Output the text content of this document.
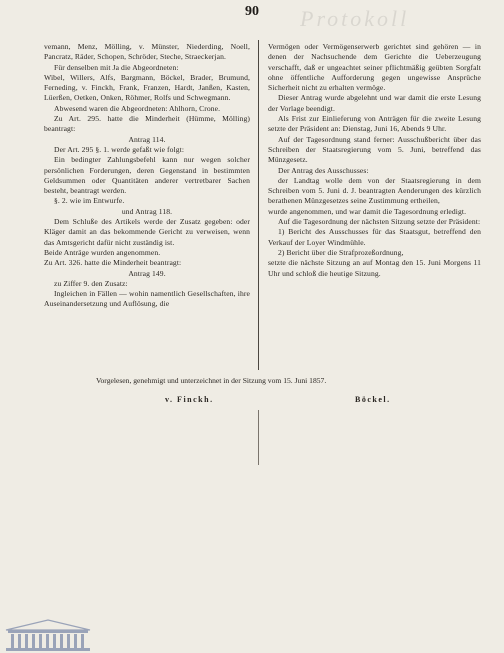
Protokoll
90

vemann, Menz, Mölling, v. Münster, Niederding, Noell, Pancratz, Räder, Schopen, Schröder, Steche, Straeckerjan.

Für denselben mit Ja die Abgeordneten:

Wibel, Willers, Alfs, Bargmann, Böckel, Brader, Brumund, Ferneding, v. Finckh, Frank, Franzen, Hardt, Janßen, Kasten, Lüerßen, Oetken, Onken, Röhmer, Rolfs und Schwegmann.

Abwesend waren die Abgeordneten: Ahlhorn, Crone.

Zu Art. 295. hatte die Minderheit (Hümme, Mölling) beantragt:

Antrag 114.

Der Art. 295 §. 1. werde gefaßt wie folgt:

Ein bedingter Zahlungsbefehl kann nur wegen solcher persönlichen Forderungen, deren Gegenstand in bestimmten Geldsummen oder Quantitäten anderer vertretbarer Sachen besteht, beantragt werden.

§. 2. wie im Entwurfe.

und Antrag 118.

Dem Schluße des Artikels werde der Zusatz gegeben: oder Kläger damit an das bekommende Gericht zu verweisen, wenn das Amtsgericht dafür nicht zuständig ist.

Beide Anträge wurden angenommen.

Zu Art. 326. hatte die Minderheit beantragt:

Antrag 149.

zu Ziffer 9. den Zusatz:

Ingleichen in Fällen — wohin namentlich Gesellschaften, ihre Auseinandersetzung und Auflösung, die

Vermögen oder Vermögenserwerb gerichtet sind gehören — in denen der Nachsuchende dem Gerichte die Ueberzeugung verschafft, daß er ungeachtet seiner pflichtmäßig geübten Sorgfalt ohne öffentliche Aufforderung gegen ungewisse Ansprüche Sicherheit nicht zu erhalten vermöge.

Dieser Antrag wurde abgelehnt und war damit die erste Lesung der Vorlage beendigt.

Als Frist zur Einlieferung von Anträgen für die zweite Lesung setzte der Präsident an: Dienstag, Juni 16, Abends 9 Uhr.

Auf der Tagesordnung stand ferner: Ausschußbericht über das Schreiben der Staatsregierung vom 5. Juni, betreffend das Münzgesetz.

Der Antrag des Ausschusses:

der Landtag wolle dem von der Staatsregierung in dem Schreiben vom 5. Juni d. J. beantragten Aenderungen des kürzlich berathenen Münzgesetzes seine Zustimmung ertheilen,

wurde angenommen, und war damit die Tagesordnung erledigt.

Auf die Tagesordnung der nächsten Sitzung setzte der Präsident:

1) Bericht des Ausschusses für das Staatsgut, betreffend den Verkauf der Loyer Windmühle.

2) Bericht über die Strafprozeßordnung,

setzte die nächste Sitzung an auf Montag den 15. Juni Morgens 11 Uhr und schloß die heutige Sitzung.

Vorgelesen, genehmigt und unterzeichnet in der Sitzung vom 15. Juni 1857.
v. Finckh.	Böckel.
